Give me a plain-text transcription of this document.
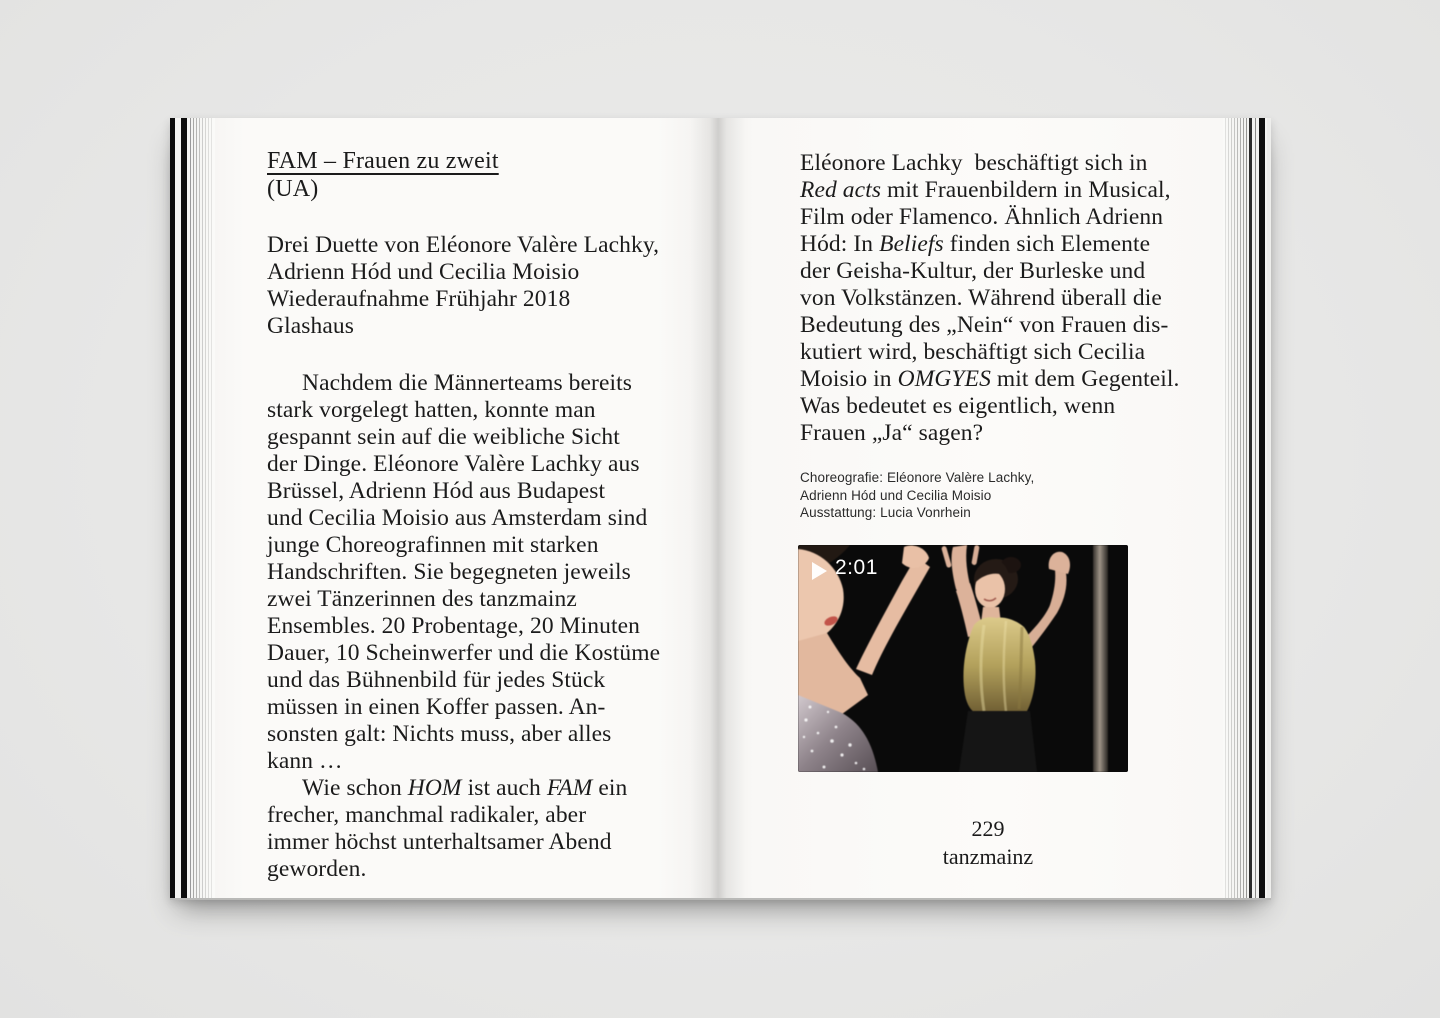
FAM – Frauen zu zweit
(UA)

Drei Duette von Eléonore Valère Lachky,
Adrienn Hód und Cecilia Moisio
Wiederaufnahme Frühjahr 2018
Glashaus

Nachdem die Männerteams bereits
stark vorgelegt hatten, konnte man
gespannt sein auf die weibliche Sicht
der Dinge. Eléonore Valère Lachky aus
Brüssel, Adrienn Hód aus Budapest
und Cecilia Moisio aus Amsterdam sind
junge Choreografinnen mit starken
Handschriften. Sie begegneten jeweils
zwei Tänzerinnen des tanzmainz
Ensembles. 20 Probentage, 20 Minuten
Dauer, 10 Scheinwerfer und die Kostüme
und das Bühnenbild für jedes Stück
müssen in einen Koffer passen. An-
sonsten galt: Nichts muss, aber alles
kann …

Wie schon HOM ist auch FAM ein
frecher, manchmal radikaler, aber
immer höchst unterhaltsamer Abend
geworden.

Eléonore Lachky  beschäftigt sich in
Red acts mit Frauenbildern in Musical,
Film oder Flamenco. Ähnlich Adrienn
Hód: In Beliefs finden sich Elemente
der Geisha-Kultur, der Burleske und
von Volkstänzen. Während überall die
Bedeutung des „Nein“ von Frauen dis-
kutiert wird, beschäftigt sich Cecilia
Moisio in OMGYES mit dem Gegenteil.
Was bedeutet es eigentlich, wenn
Frauen „Ja“ sagen?

Choreografie: Eléonore Valère Lachky,
Adrienn Hód und Cecilia Moisio
Ausstattung: Lucia Vonrhein

2:01
229
tanzmainz
